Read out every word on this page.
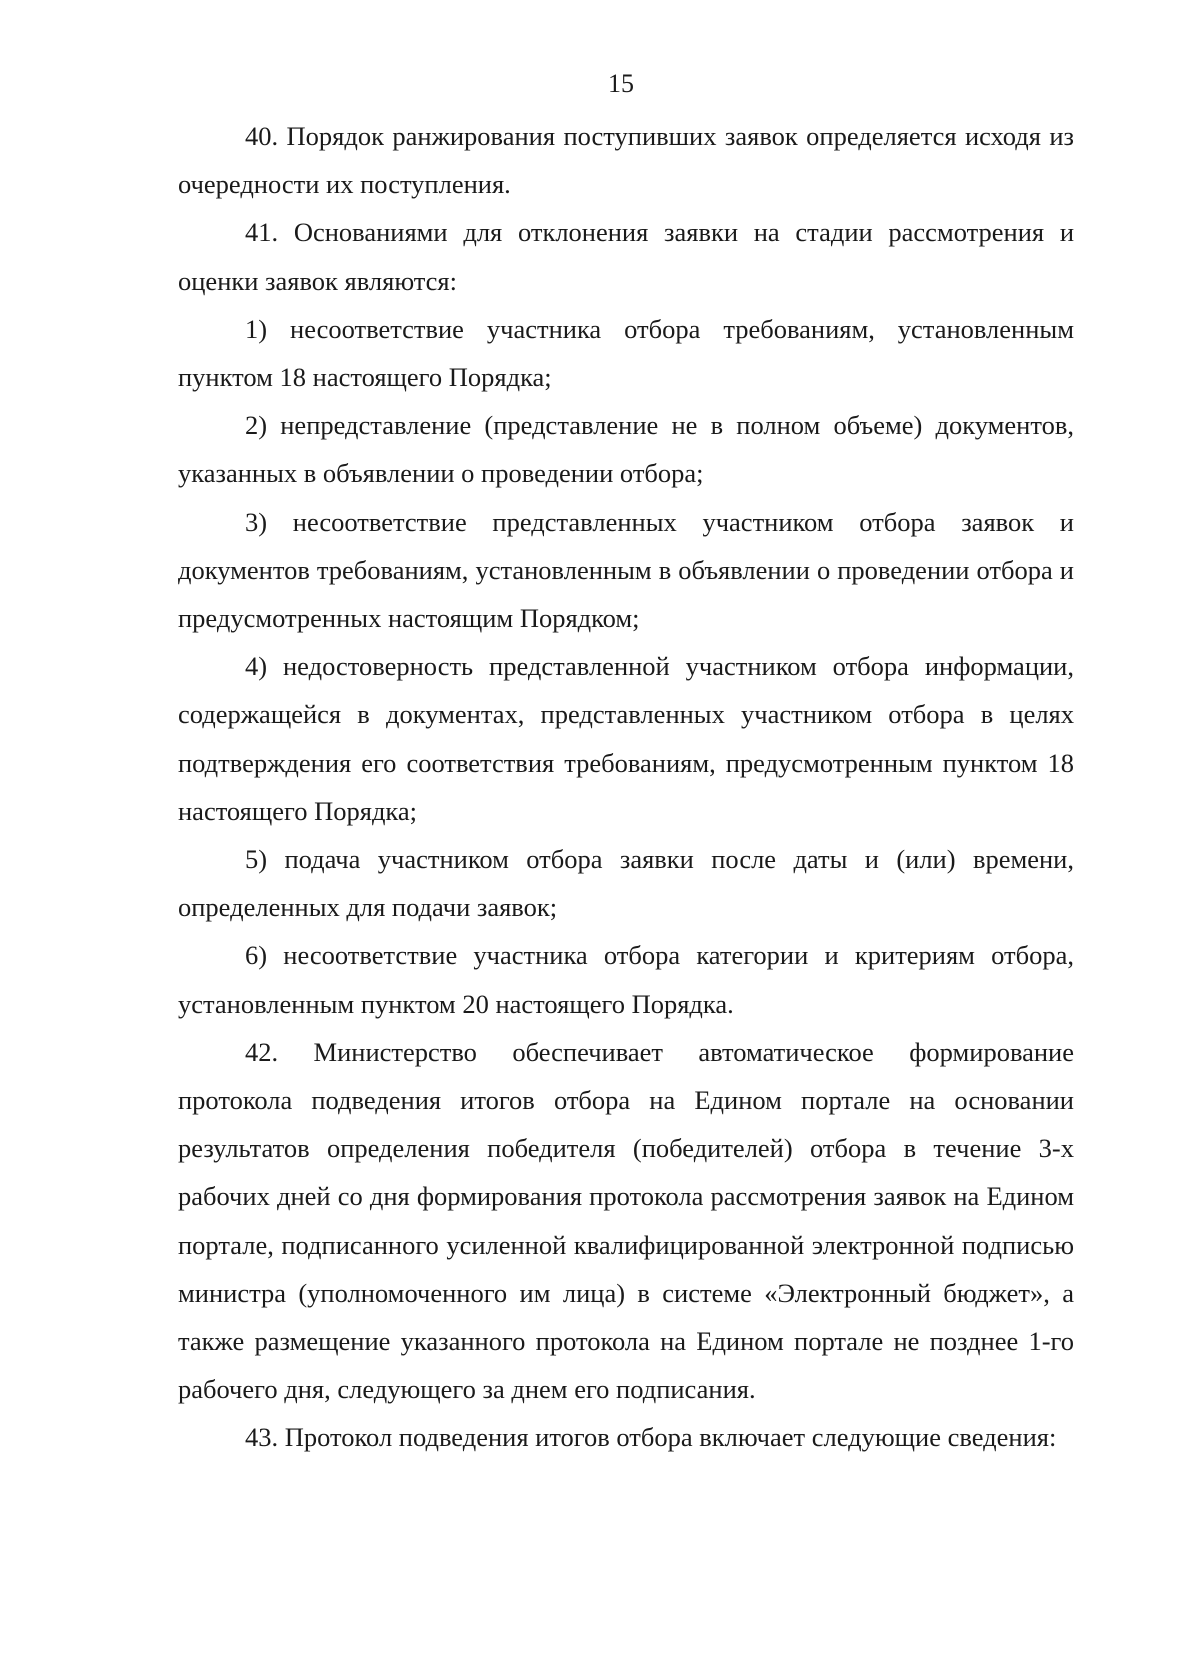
15

40. Порядок ранжирования поступивших заявок определяется исходя из очередности их поступления.

41. Основаниями для отклонения заявки на стадии рассмотрения и оценки заявок являются:

1) несоответствие участника отбора требованиям, установленным пунктом 18 настоящего Порядка;

2) непредставление (представление не в полном объеме) документов, указанных в объявлении о проведении отбора;

3) несоответствие представленных участником отбора заявок и документов требованиям, установленным в объявлении о проведении отбора и предусмотренных настоящим Порядком;

4) недостоверность представленной участником отбора информации, содержащейся в документах, представленных участником отбора в целях подтверждения его соответствия требованиям, предусмотренным пунктом 18 настоящего Порядка;

5) подача участником отбора заявки после даты и (или) времени, определенных для подачи заявок;

6) несоответствие участника отбора категории и критериям отбора, установленным пунктом 20 настоящего Порядка.

42. Министерство обеспечивает автоматическое формирование протокола подведения итогов отбора на Едином портале на основании результатов определения победителя (победителей) отбора в течение 3-х рабочих дней со дня формирования протокола рассмотрения заявок на Едином портале, подписанного усиленной квалифицированной электронной подписью министра (уполномоченного им лица) в системе «Электронный бюджет», а также размещение указанного протокола на Едином портале не позднее 1-го рабочего дня, следующего за днем его подписания.

43. Протокол подведения итогов отбора включает следующие сведения:
